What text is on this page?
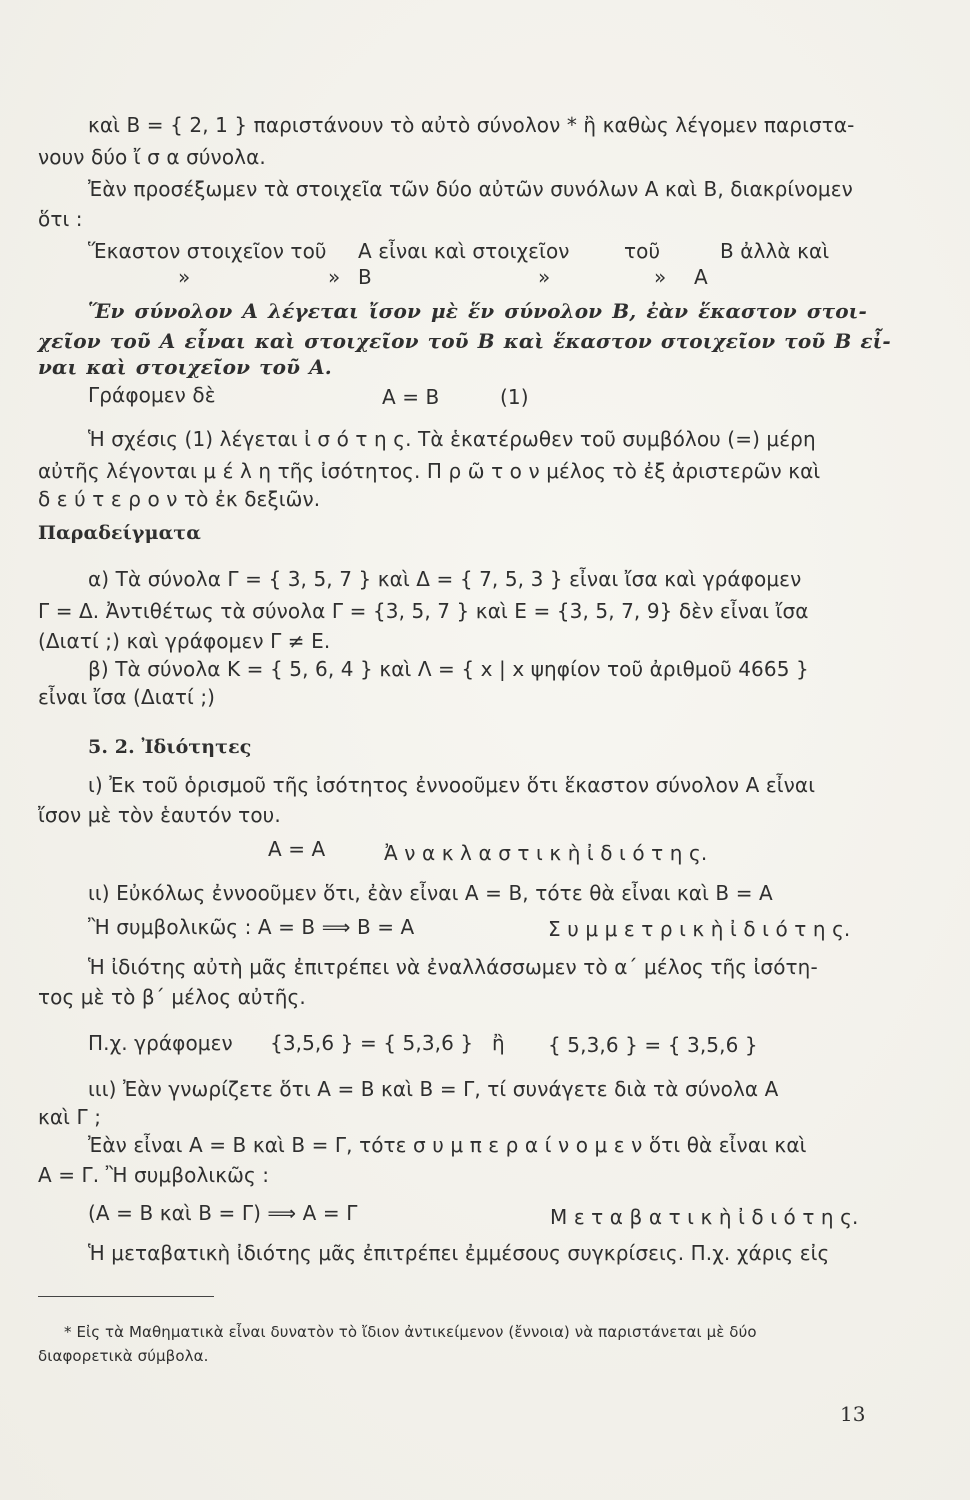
καὶ B = { 2, 1 } παριστάνουν τὸ αὐτὸ σύνολον * ἢ καθὼς λέγομεν παριστα-
νουν δύο ἴ σ α σύνολα.
Ἐὰν προσέξωμεν τὰ στοιχεῖα τῶν δύο αὐτῶν συνόλων A καὶ B, διακρίνομεν
ὅτι :
Ἕκαστον στοιχεῖον τοῦ A εἶναι καὶ στοιχεῖον	τοῦ	B ἀλλὰ καὶ
»	» B	»	» A
Ἕν σύνολον A λέγεται ἴσον μὲ ἕν σύνολον B, ἐὰν ἕκαστον στοι-
χεῖον τοῦ A εἶναι καὶ στοιχεῖον τοῦ B καὶ ἕκαστον στοιχεῖον τοῦ B εἶ-
ναι καὶ στοιχεῖον τοῦ A.
Γράφομεν δὲ	A = B	(1)
Ἡ σχέσις (1) λέγεται ἰ σ ό τ η ς. Τὰ ἑκατέρωθεν τοῦ συμβόλου (=) μέρη
αὐτῆς λέγονται μ έ λ η τῆς ἰσότητος. Π ρ ῶ τ ο ν μέλος τὸ ἐξ ἀριστερῶν καὶ
δ ε ύ τ ε ρ ο ν τὸ ἐκ δεξιῶν.
Παραδείγματα
α) Τὰ σύνολα Γ = { 3, 5, 7 } καὶ Δ = { 7, 5, 3 } εἶναι ἴσα καὶ γράφομεν
Γ = Δ. Ἀντιθέτως τὰ σύνολα Γ = {3, 5, 7 } καὶ E = {3, 5, 7, 9} δὲν εἶναι ἴσα
(Διατί ;) καὶ γράφομεν Γ ≠ E.
β) Τὰ σύνολα K = { 5, 6, 4 } καὶ Λ = { x | x ψηφίον τοῦ ἀριθμοῦ 4665 }
εἶναι ἴσα (Διατί ;)
5. 2. Ἰδιότητες
ι) Ἐκ τοῦ ὁρισμοῦ τῆς ἰσότητος ἐννοοῦμεν ὅτι ἕκαστον σύνολον A εἶναι
ἴσον μὲ τὸν ἑαυτόν του.
A = A	Ἀ ν α κ λ α σ τ ι κ ὴ ἰ δ ι ό τ η ς.
ιι) Εὐκόλως ἐννοοῦμεν ὅτι, ἐὰν εἶναι A = B, τότε θὰ εἶναι καὶ B = A
Ἢ συμβολικῶς : A = B ⟹ B = A	Σ υ μ μ ε τ ρ ι κ ὴ ἰ δ ι ό τ η ς.
Ἡ ἰδιότης αὐτὴ μᾶς ἐπιτρέπει νὰ ἐναλλάσσωμεν τὸ α΄ μέλος τῆς ἰσότη-
τος μὲ τὸ β΄ μέλος αὐτῆς.
Π.χ. γράφομεν {3,5,6 } = { 5,3,6 } ἢ { 5,3,6 } = { 3,5,6 }
ιιι) Ἐὰν γνωρίζετε ὅτι A = B καὶ B = Γ, τί συνάγετε διὰ τὰ σύνολα A
καὶ Γ ;
Ἐὰν εἶναι A = B καὶ B = Γ, τότε σ υ μ π ε ρ α ί ν ο μ ε ν ὅτι θὰ εἶναι καὶ
A = Γ. Ἢ συμβολικῶς :
(A = B καὶ B = Γ) ⟹ A = Γ	Μ ε τ α β α τ ι κ ὴ ἰ δ ι ό τ η ς.
Ἡ μεταβατικὴ ἰδιότης μᾶς ἐπιτρέπει ἐμμέσους συγκρίσεις. Π.χ. χάρις εἰς
* Εἰς τὰ Μαθηματικὰ εἶναι δυνατὸν τὸ ἴδιον ἀντικείμενον (ἔννοια) νὰ παριστάνεται μὲ δύο
διαφορετικὰ σύμβολα.
13
